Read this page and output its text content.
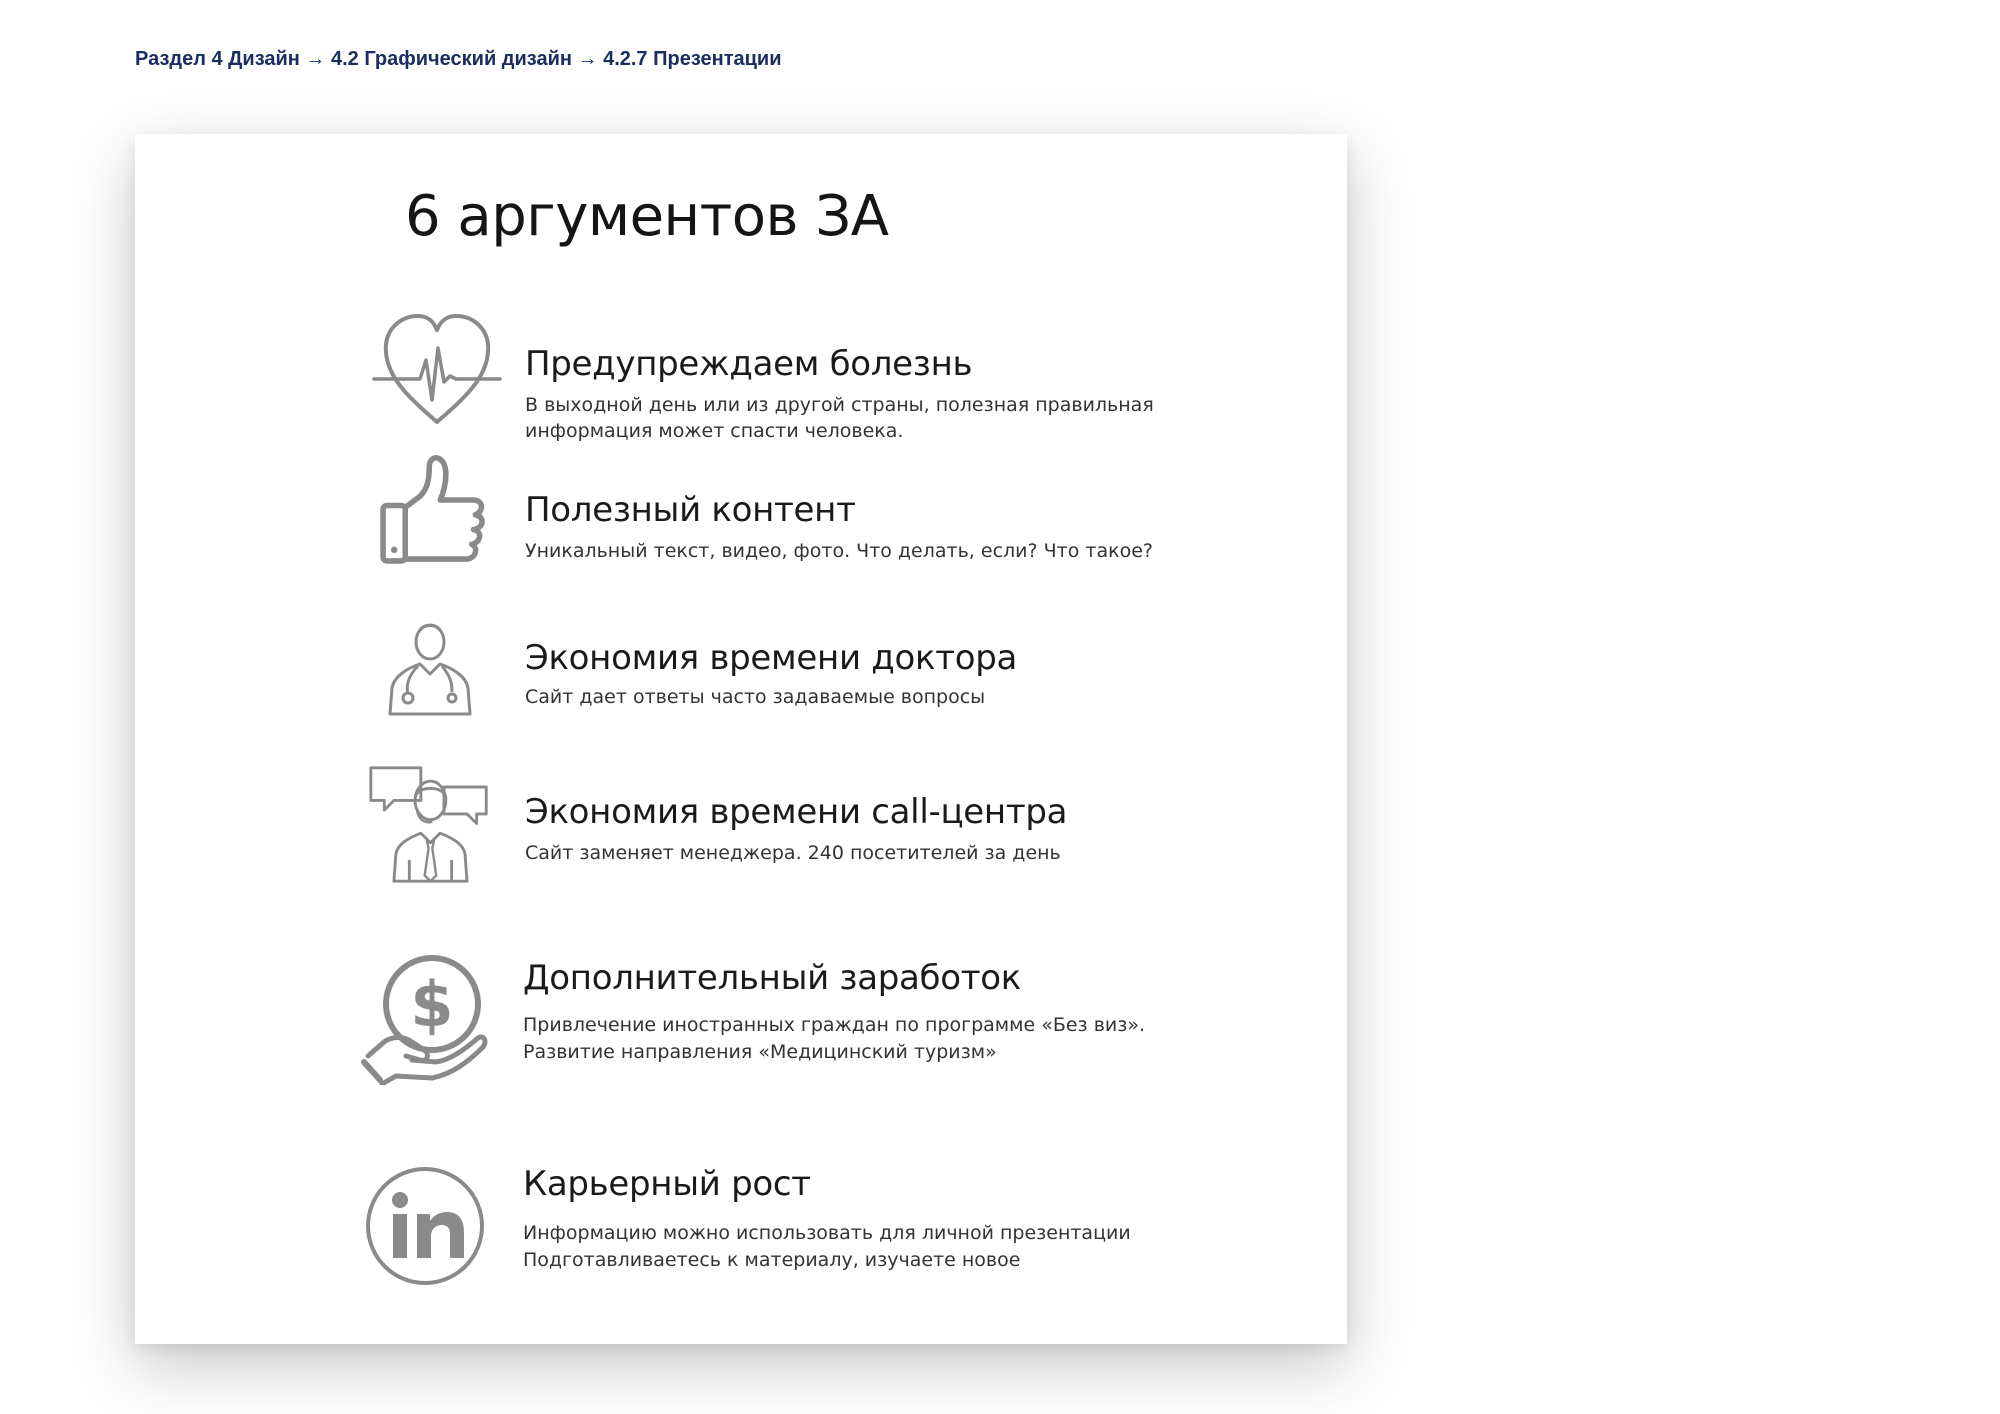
Раздел 4 Дизайн → 4.2 Графический дизайн → 4.2.7 Презентации
6 аргументов ЗА
Предупреждаем болезнь
В выходной день или из другой страны, полезная правильная
информация может спасти человека.
Полезный контент
Уникальный текст, видео, фото. Что делать, если? Что такое?
Экономия времени доктора
Сайт дает ответы часто задаваемые вопросы
Экономия времени call-центра
Сайт заменяет менеджера. 240 посетителей за день
$ Дополнительный заработок
Привлечение иностранных граждан по программе «Без виз».
Развитие направления «Медицинский туризм»
Карьерный рост
Информацию можно использовать для личной презентации
Подготавливаетесь к материалу, изучаете новое
